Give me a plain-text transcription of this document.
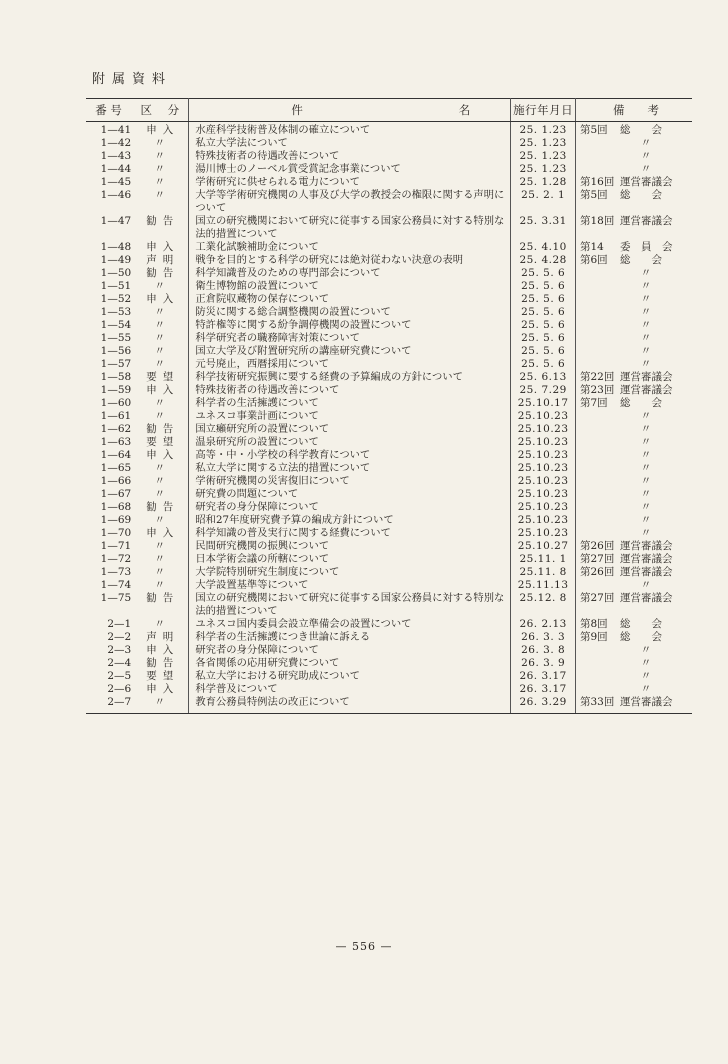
附属資料
番 号	区 分	件 名	施行年月日	備　　考
1—41	申入	水産科学技術普及体制の確立について	25. 1.23	第5回 総　　会
1—42	〃	私立大学法について	25. 1.23	〃

1—43	〃	特殊技術者の待遇改善について	25. 1.23	〃

1—44	〃	湯川博士のノーベル賞受賞記念事業について	25. 1.23	〃

1—45	〃	学術研究に供せられる電力について	25. 1.28	第16回 運営審議会
1—46	〃	大学等学術研究機関の人事及び大学の教授会の権限に関する声明について	25. 2. 1	第5回 総　　会
1—47	勧告	国立の研究機関において研究に従事する国家公務員に対する特別な法的措置について	25. 3.31	第18回 運営審議会
1—48	申入	工業化試験補助金について	25. 4.10	第14 委　員　会
1—49	声明	戦争を目的とする科学の研究には絶対従わない決意の表明	25. 4.28	第6回 総　　会
1—50	勧告	科学知識普及のための専門部会について	25. 5. 6	〃

1—51	〃	衛生博物館の設置について	25. 5. 6	〃

1—52	申入	正倉院収蔵物の保存について	25. 5. 6	〃

1—53	〃	防災に関する総合調整機関の設置について	25. 5. 6	〃

1—54	〃	特許権等に関する紛争調停機関の設置について	25. 5. 6	〃

1—55	〃	科学研究者の職務障害対策について	25. 5. 6	〃

1—56	〃	国立大学及び附置研究所の講座研究費について	25. 5. 6	〃

1—57	〃	元号廃止，西暦採用について	25. 5. 6	〃

1—58	要望	科学技術研究振興に要する経費の予算編成の方針について	25. 6.13	第22回 運営審議会
1—59	申入	特殊技術者の待遇改善について	25. 7.29	第23回 運営審議会
1—60	〃	科学者の生活擁護について	25.10.17	第7回 総　　会
1—61	〃	ユネスコ事業計画について	25.10.23	〃

1—62	勧告	国立癩研究所の設置について	25.10.23	〃

1—63	要望	温泉研究所の設置について	25.10.23	〃

1—64	申入	高等・中・小学校の科学教育について	25.10.23	〃

1—65	〃	私立大学に関する立法的措置について	25.10.23	〃

1—66	〃	学術研究機関の災害復旧について	25.10.23	〃

1—67	〃	研究費の問題について	25.10.23	〃

1—68	勧告	研究者の身分保障について	25.10.23	〃

1—69	〃	昭和27年度研究費予算の編成方針について	25.10.23	〃

1—70	申入	科学知識の普及実行に関する経費について	25.10.23	〃

1—71	〃	民間研究機関の振興について	25.10.27	第26回 運営審議会
1—72	〃	日本学術会議の所轄について	25.11. 1	第27回 運営審議会
1—73	〃	大学院特別研究生制度について	25.11. 8	第26回 運営審議会
1—74	〃	大学設置基準等について	25.11.13	〃

1—75	勧告	国立の研究機関において研究に従事する国家公務員に対する特別な法的措置について	25.12. 8	第27回 運営審議会
2—1	〃	ユネスコ国内委員会設立準備会の設置について	26. 2.13	第8回 総　　会
2—2	声明	科学者の生活擁護につき世論に訴える	26. 3. 3	第9回 総　　会
2—3	申入	研究者の身分保障について	26. 3. 8	〃

2—4	勧告	各省関係の応用研究費について	26. 3. 9	〃

2—5	要望	私立大学における研究助成について	26. 3.17	〃

2—6	申入	科学普及について	26. 3.17	〃

2—7	〃	教育公務員特例法の改正について	26. 3.29	第33回 運営審議会
— 556 —
